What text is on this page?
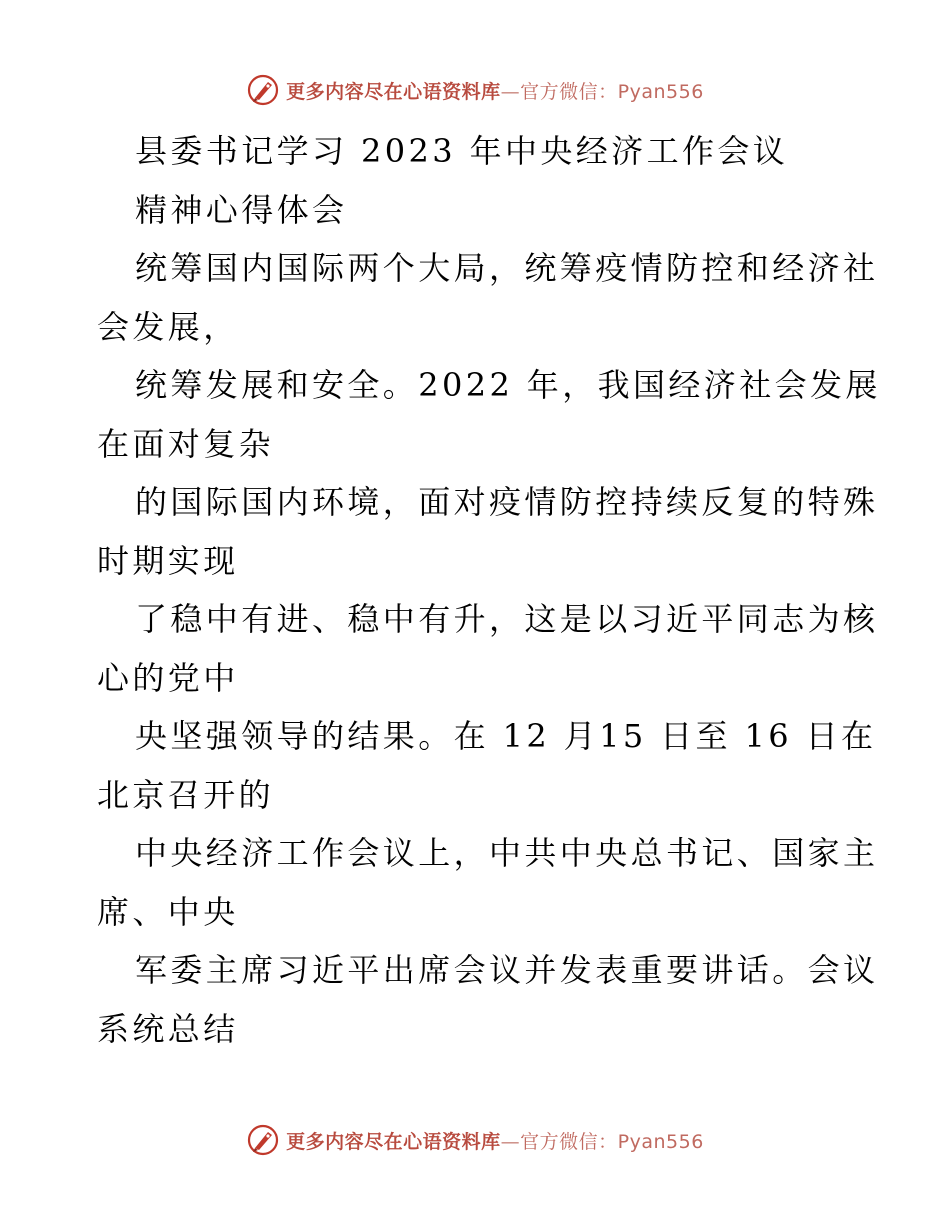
更多内容尽在心语资料库—官方微信：Pyan556

县委书记学习 2023 年中央经济工作会议

精神心得体会

统筹国内国际两个大局，统筹疫情防控和经济社

会发展，

统筹发展和安全。2022 年，我国经济社会发展

在面对复杂

的国际国内环境，面对疫情防控持续反复的特殊

时期实现

了稳中有进、稳中有升，这是以习近平同志为核

心的党中

央坚强领导的结果。在 12 月15 日至 16 日在

北京召开的

中央经济工作会议上，中共中央总书记、国家主

席、中央

军委主席习近平出席会议并发表重要讲话。会议

系统总结

更多内容尽在心语资料库—官方微信：Pyan556
